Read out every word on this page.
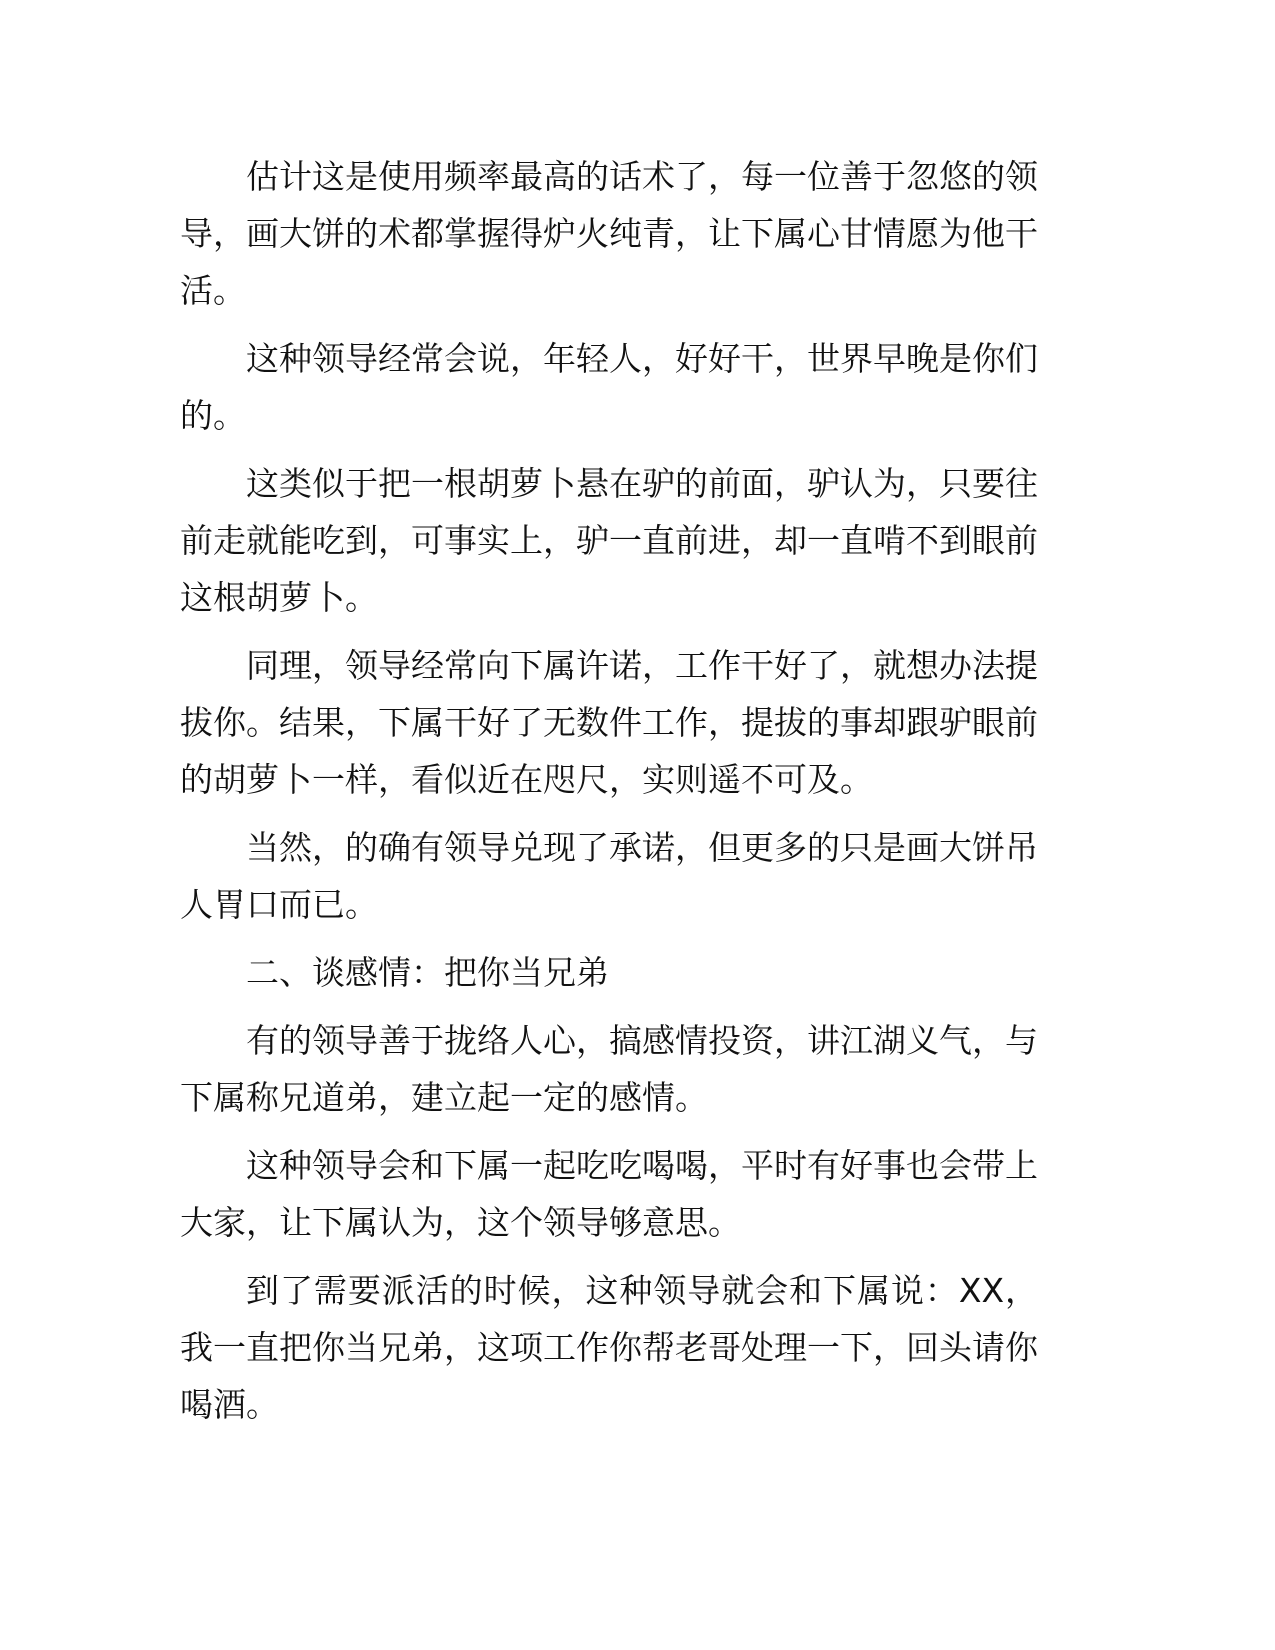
估计这是使用频率最高的话术了，每一位善于忽悠的领导，画大饼的术都掌握得炉火纯青，让下属心甘情愿为他干活。

这种领导经常会说，年轻人，好好干，世界早晚是你们的。

这类似于把一根胡萝卜悬在驴的前面，驴认为，只要往前走就能吃到，可事实上，驴一直前进，却一直啃不到眼前这根胡萝卜。

同理，领导经常向下属许诺，工作干好了，就想办法提拔你。结果，下属干好了无数件工作，提拔的事却跟驴眼前的胡萝卜一样，看似近在咫尺，实则遥不可及。

当然，的确有领导兑现了承诺，但更多的只是画大饼吊人胃口而已。

二、谈感情：把你当兄弟

有的领导善于拢络人心，搞感情投资，讲江湖义气，与下属称兄道弟，建立起一定的感情。

这种领导会和下属一起吃吃喝喝，平时有好事也会带上大家，让下属认为，这个领导够意思。

到了需要派活的时候，这种领导就会和下属说：XX，我一直把你当兄弟，这项工作你帮老哥处理一下，回头请你喝酒。
